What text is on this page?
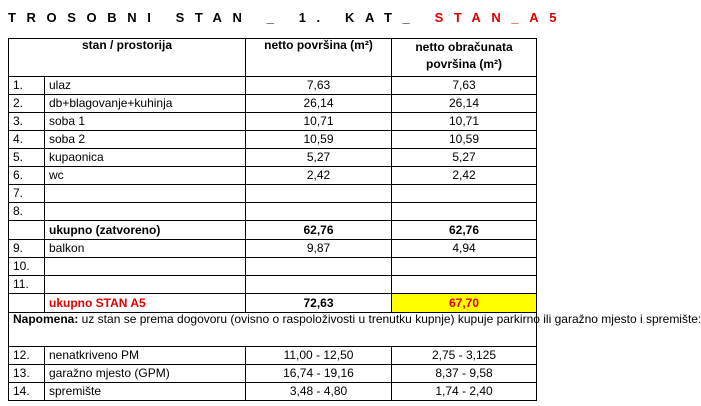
TROSOBNI STAN _ 1. KAT_ STAN_A5
stan / prostorija		netto površina (m²)	netto obračunata površina (m²)
1.	ulaz	7,63	7,63
2.	db+blagovanje+kuhinja	26,14	26,14
3.	soba 1	10,71	10,71
4.	soba 2	10,59	10,59
5.	kupaonica	5,27	5,27
6.	wc	2,42	2,42
7.			
8.			
	ukupno (zatvoreno)	62,76	62,76
9.	balkon	9,87	4,94
10.			
11.			
	ukupno STAN A5	72,63	67,70
Napomena: uz stan se prema dogovoru (ovisno o raspoloživosti u trenutku kupnje) kupuje parkirno ili garažno mjesto i spremište:			
12.	nenatkriveno PM	11,00 - 12,50	2,75 - 3,125
13.	garažno mjesto (GPM)	16,74 - 19,16	8,37 - 9,58
14.	spremište	3,48 - 4,80	1,74 - 2,40
